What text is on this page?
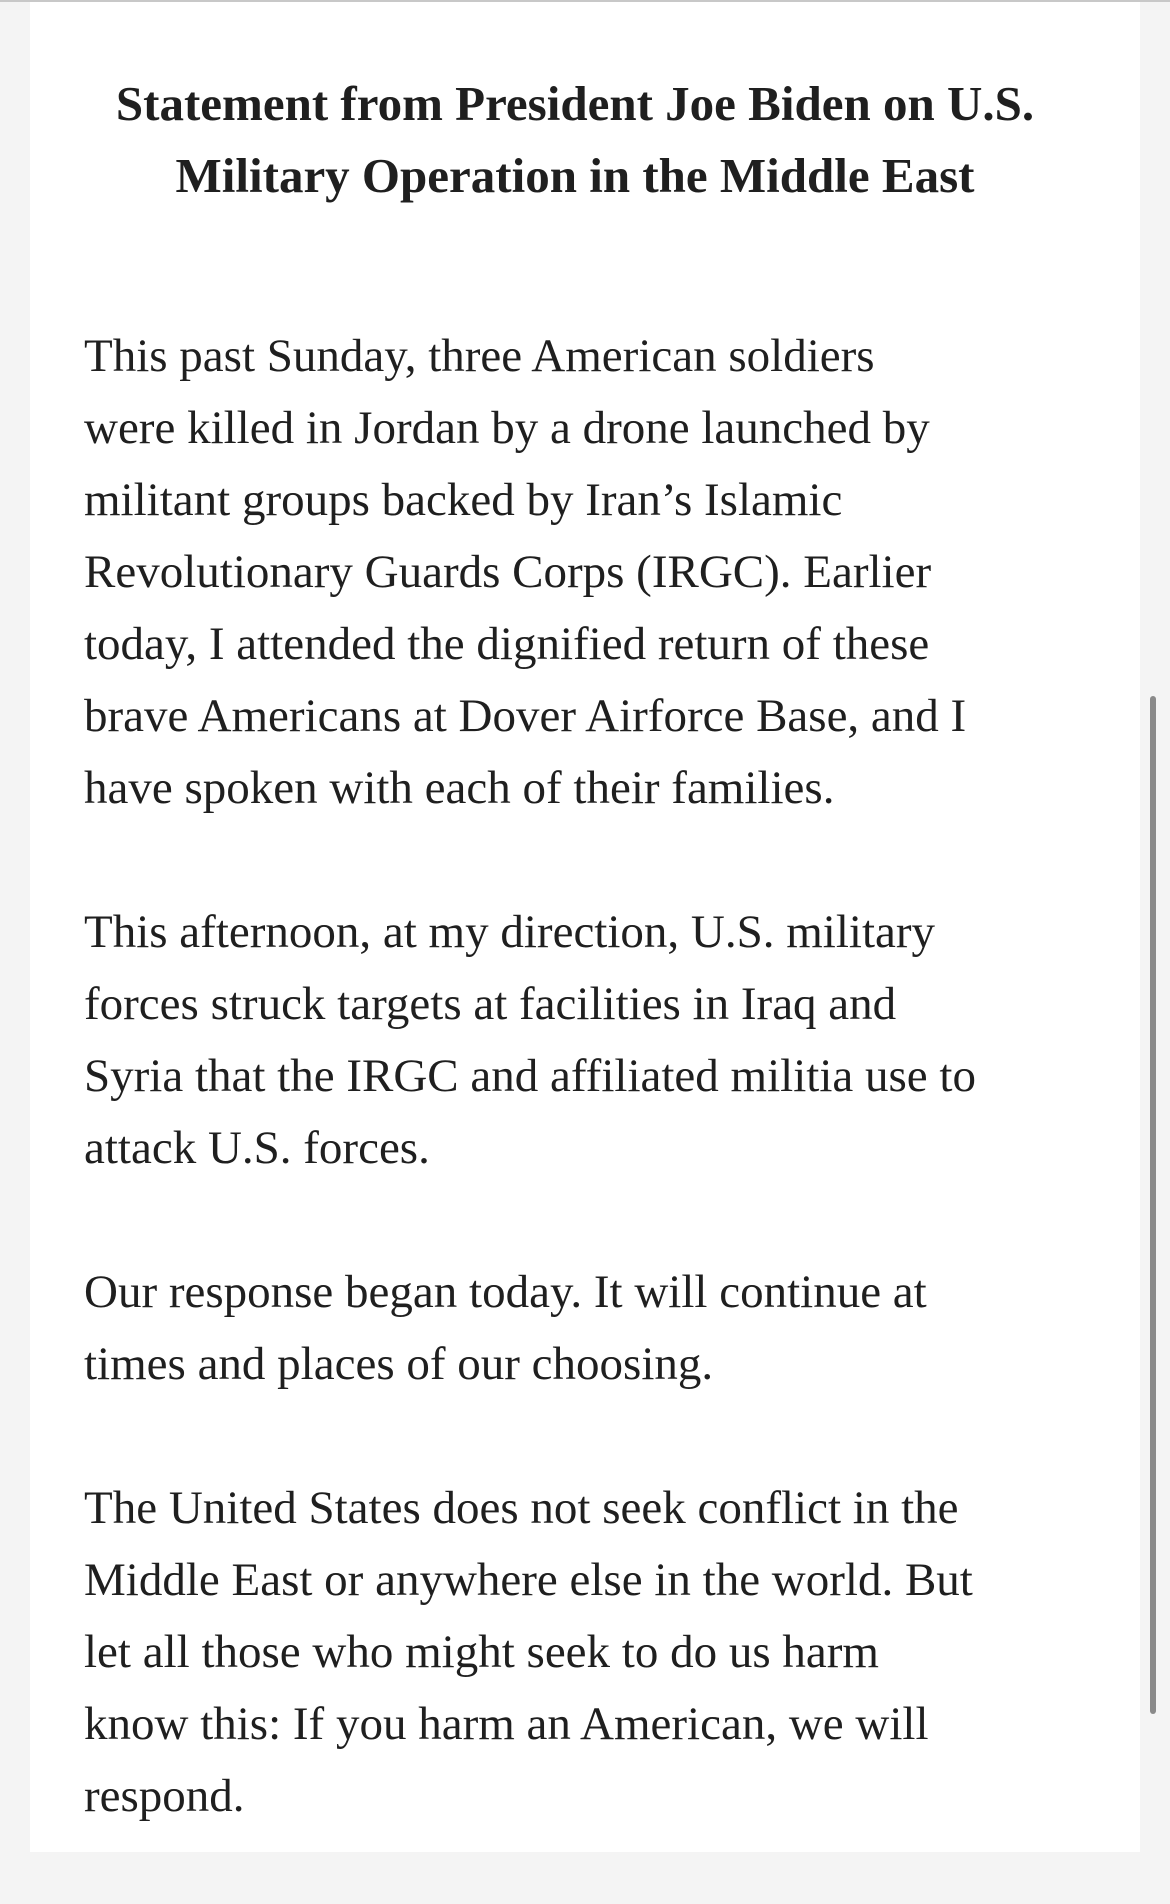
Statement from President Joe Biden on U.S. Military Operation in the Middle East

This past Sunday, three American soldiers
were killed in Jordan by a drone launched by
militant groups backed by Iran’s Islamic
Revolutionary Guards Corps (IRGC). Earlier
today, I attended the dignified return of these
brave Americans at Dover Airforce Base, and I
have spoken with each of their families.

This afternoon, at my direction, U.S. military
forces struck targets at facilities in Iraq and
Syria that the IRGC and affiliated militia use to
attack U.S. forces.

Our response began today. It will continue at
times and places of our choosing.

The United States does not seek conflict in the
Middle East or anywhere else in the world. But
let all those who might seek to do us harm
know this: If you harm an American, we will
respond.
